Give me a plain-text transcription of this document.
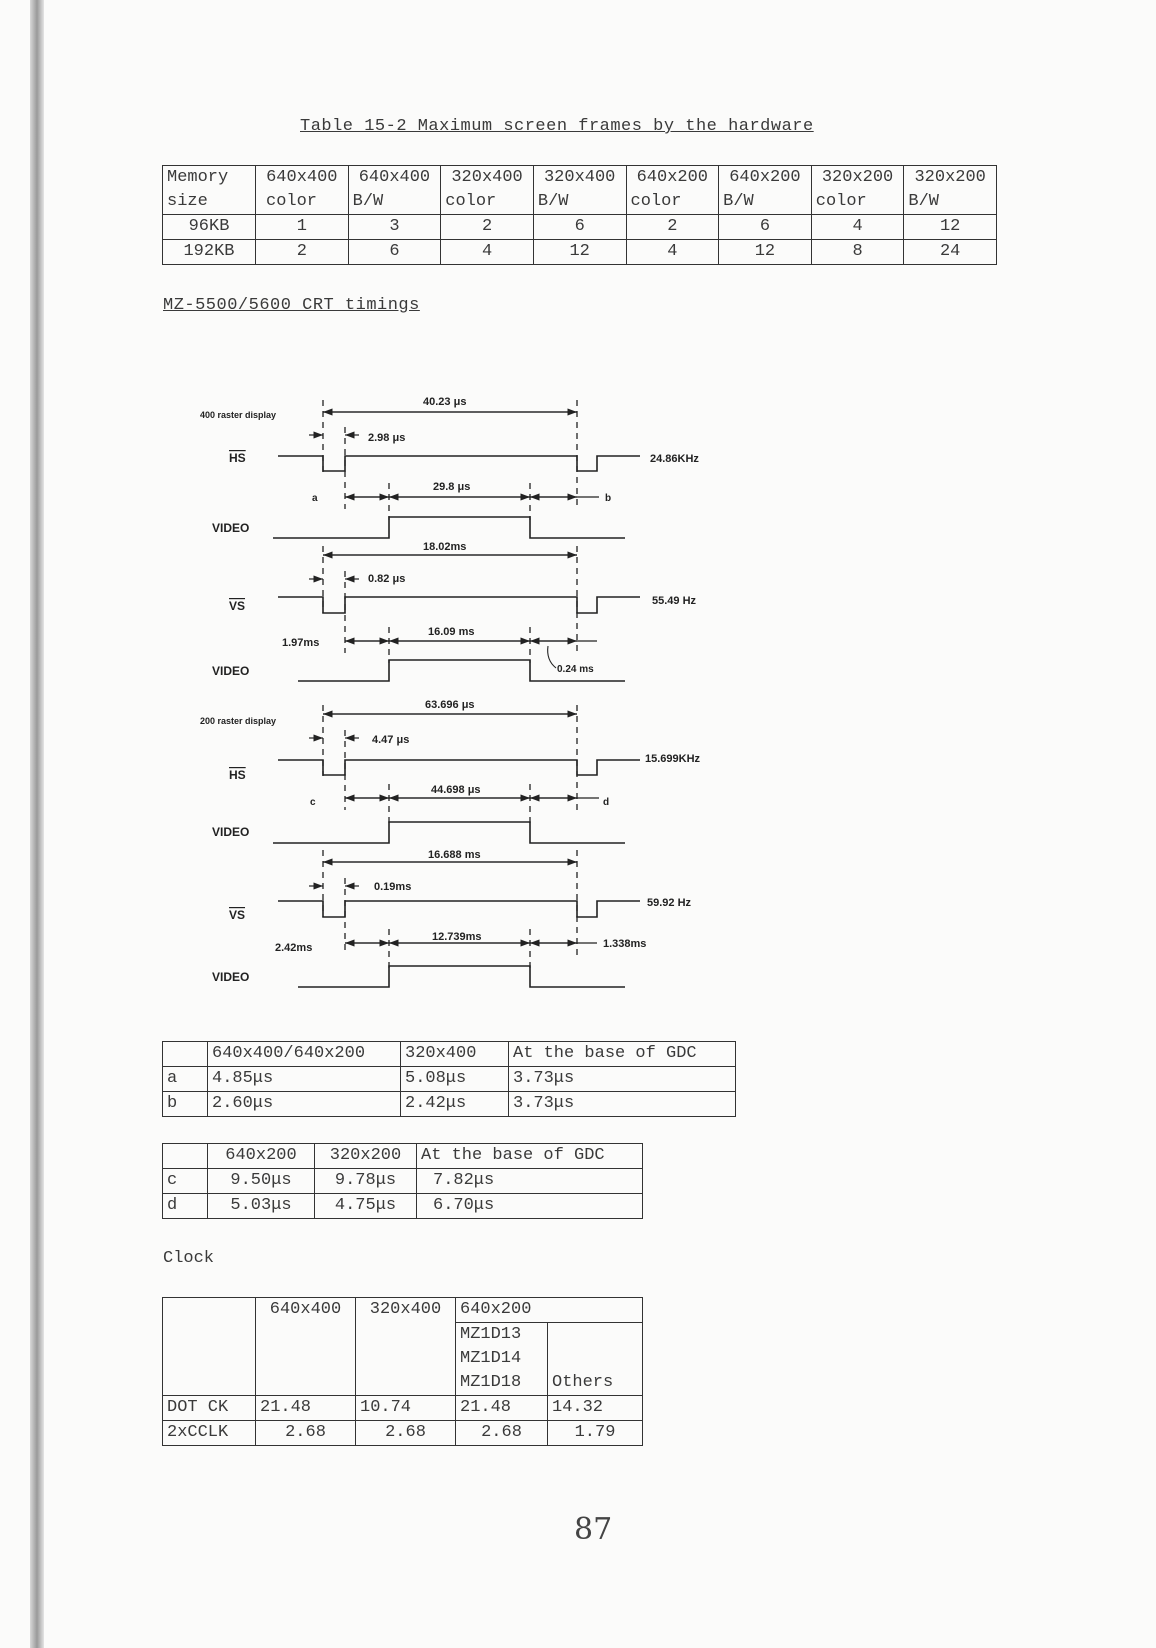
Table 15-2 Maximum screen frames by the hardware
Memory	640x400	640x400	320x400	320x400	640x200	640x200	320x200	320x200
size	color	B/W	color	B/W	color	B/W	color	B/W
96KB	1	3	2	6	2	6	4	12
192KB	2	6	4	12	4	12	8	24
MZ-5500/5600 CRT timings
400 raster display
40.23 μs
2.98 μs
HS	24.86KHz
29.8 μs
a	b
VIDEO
18.02ms
0.82 μs
VS	55.49 Hz
16.09 ms
1.97ms
0.24 ms
VIDEO
200 raster display
63.696 μs
4.47 μs
HS
15.699KHz
44.698 μs
c	d
VIDEO
16.688 ms
0.19ms
VS
59.92 Hz
12.739ms
2.42ms	1.338ms
VIDEO
	640x400/640x200	320x400	At the base of GDC
a	4.85μs	5.08μs	3.73μs
b	2.60μs	2.42μs	3.73μs
	640x200	320x200	At the base of GDC
c	9.50μs	9.78μs	7.82μs
d	5.03μs	4.75μs	6.70μs
Clock
	640x400	320x400	640x200	
			MZ1D13	
			MZ1D14	
			MZ1D18	Others
DOT CK	21.48	10.74	21.48	14.32
2xCCLK	2.68	2.68	2.68	1.79
87
